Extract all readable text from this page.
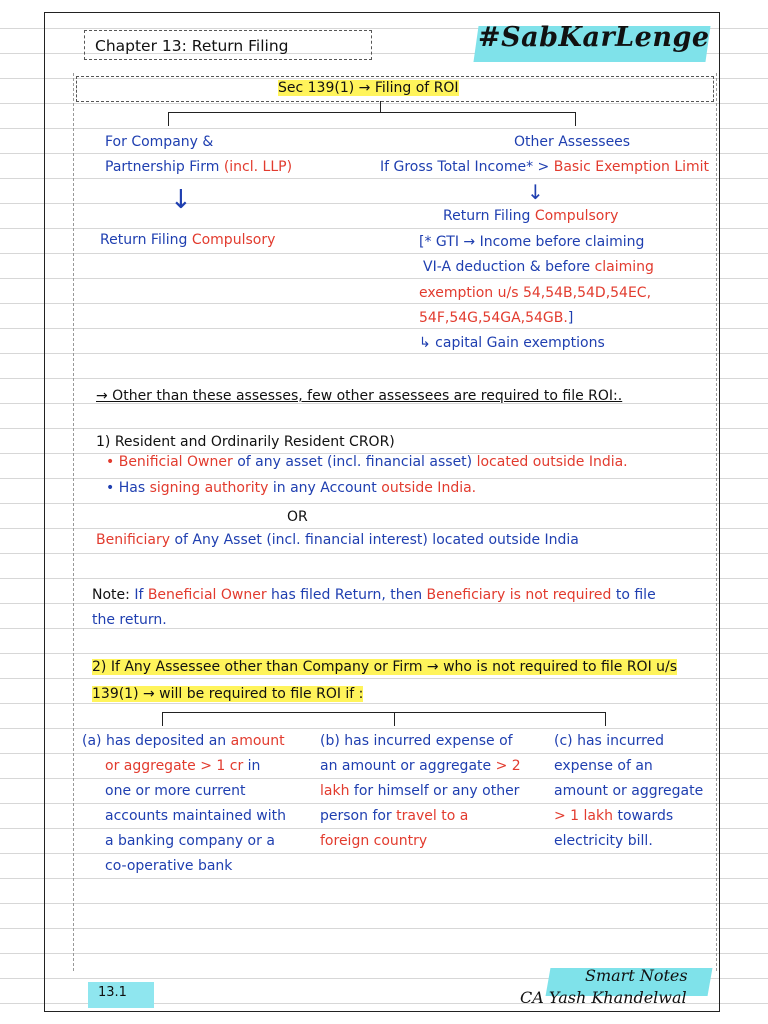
Chapter 13: Return Filing	#SabKarLenge
Sec 139(1) → Filing of ROI
For Company &
Partnership Firm (incl. LLP)
↓
Return Filing Compulsory
Other Assessees
If Gross Total Income* > Basic Exemption Limit
↓
Return Filing Compulsory
[* GTI → Income before claiming
VI-A deduction & before claiming
exemption u/s 54,54B,54D,54EC,
54F,54G,54GA,54GB.]
↳ capital Gain exemptions
→ Other than these assesses, few other assessees are required to file ROI:.
1) Resident and Ordinarily Resident CROR)
• Benificial Owner of any asset (incl. financial asset) located outside India.
• Has signing authority in any Account outside India.
OR
Benificiary of Any Asset (incl. financial interest) located outside India
Note: If Beneficial Owner has filed Return, then Beneficiary is not required to file
the return.
2) If Any Assessee other than Company or Firm → who is not required to file ROI u/s
139(1) → will be required to file ROI if :
(a) has deposited an amount
or aggregate > 1 cr in
one or more current
accounts maintained with
a banking company or a
co-operative bank
(b) has incurred expense of
an amount or aggregate > 2
lakh for himself or any other
person for travel to a
foreign country
(c) has incurred
expense of an
amount or aggregate
> 1 lakh towards
electricity bill.
13.1
Smart Notes
CA Yash Khandelwal
